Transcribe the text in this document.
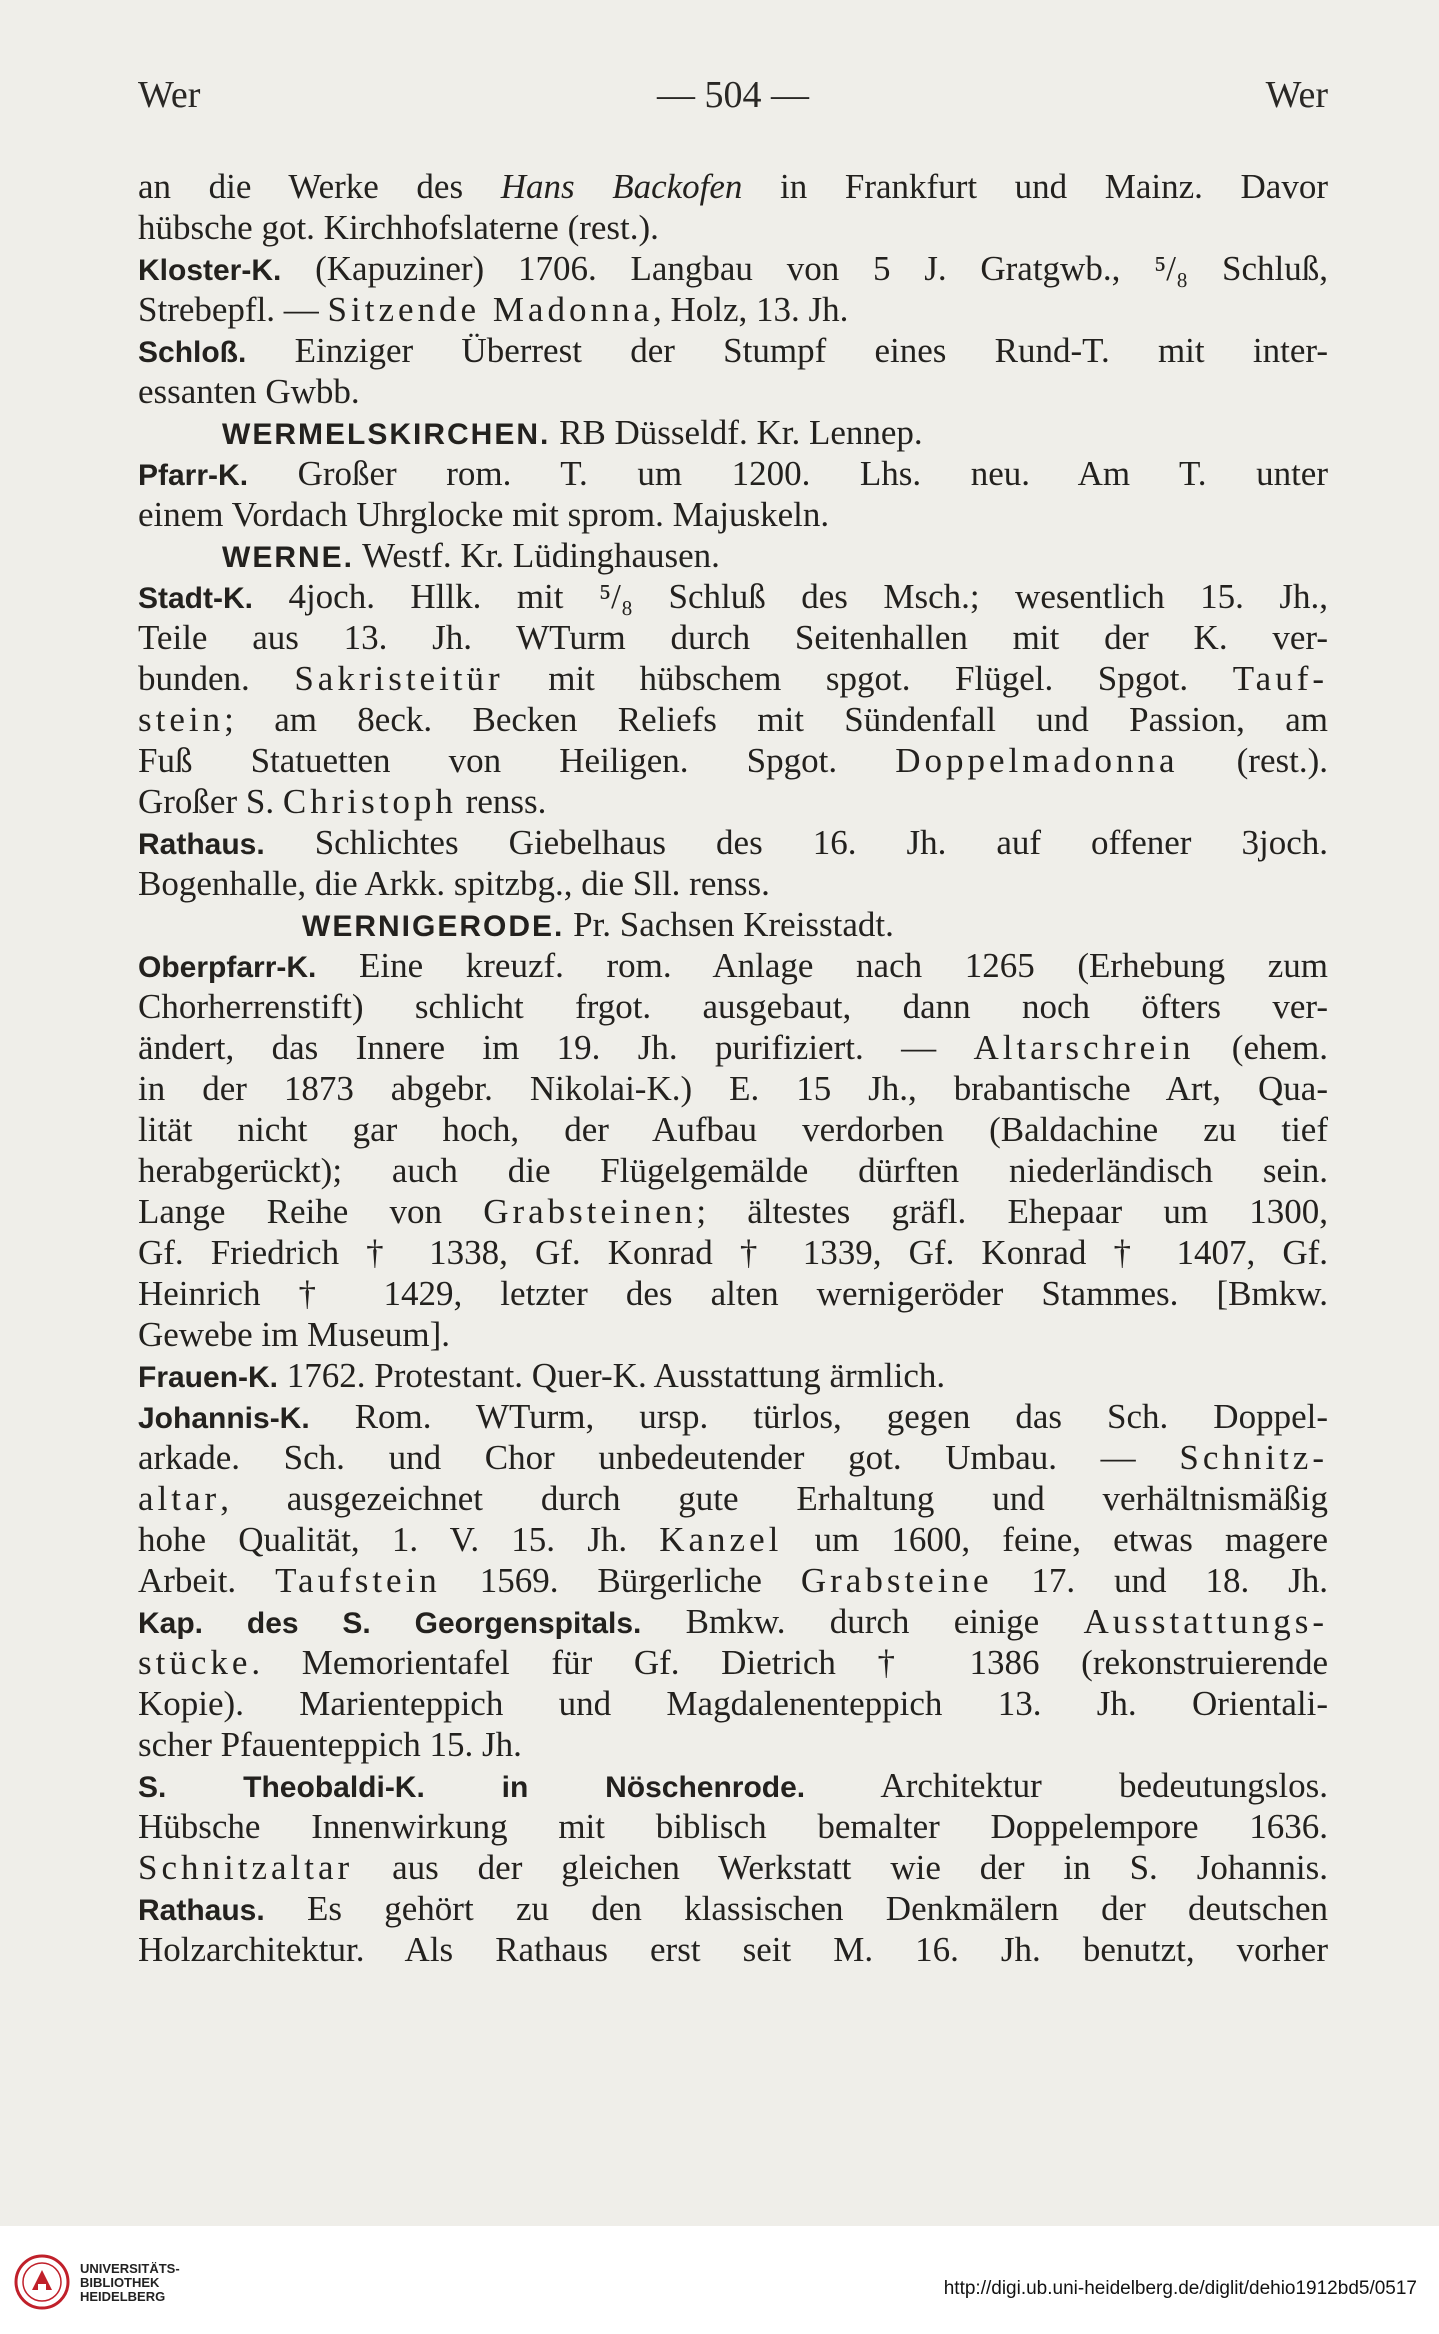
Wer	— 504 —	Wer
an die Werke des Hans Backofen in Frankfurt und Mainz. Davor
hübsche got. Kirchhofslaterne (rest.).
Kloster-K. (Kapuziner) 1706. Langbau von 5 J. Gratgwb., ⁵/₈ Schluß,
Strebepfl. — Sitzende Madonna, Holz, 13. Jh.
Schloß. Einziger Überrest der Stumpf eines Rund-T. mit inter-
essanten Gwbb.
WERMELSKIRCHEN. RB Düsseldf. Kr. Lennep.
Pfarr-K. Großer rom. T. um 1200. Lhs. neu. Am T. unter
einem Vordach Uhrglocke mit sprom. Majuskeln.
WERNE. Westf. Kr. Lüdinghausen.
Stadt-K. 4joch. Hllk. mit ⁵/₈ Schluß des Msch.; wesentlich 15. Jh.,
Teile aus 13. Jh. WTurm durch Seitenhallen mit der K. ver-
bunden. Sakristeitür mit hübschem spgot. Flügel. Spgot. Tauf-
stein; am 8eck. Becken Reliefs mit Sündenfall und Passion, am
Fuß Statuetten von Heiligen. Spgot. Doppelmadonna (rest.).
Großer S. Christoph renss.
Rathaus. Schlichtes Giebelhaus des 16. Jh. auf offener 3joch.
Bogenhalle, die Arkk. spitzbg., die Sll. renss.
WERNIGERODE. Pr. Sachsen Kreisstadt.
Oberpfarr-K. Eine kreuzf. rom. Anlage nach 1265 (Erhebung zum
Chorherrenstift) schlicht frgot. ausgebaut, dann noch öfters ver-
ändert, das Innere im 19. Jh. purifiziert. — Altarschrein (ehem.
in der 1873 abgebr. Nikolai-K.) E. 15 Jh., brabantische Art, Qua-
lität nicht gar hoch, der Aufbau verdorben (Baldachine zu tief
herabgerückt); auch die Flügelgemälde dürften niederländisch sein.
Lange Reihe von Grabsteinen; ältestes gräfl. Ehepaar um 1300,
Gf. Friedrich † 1338, Gf. Konrad † 1339, Gf. Konrad † 1407, Gf.
Heinrich † 1429, letzter des alten wernigeröder Stammes. [Bmkw.
Gewebe im Museum].
Frauen-K. 1762. Protestant. Quer-K. Ausstattung ärmlich.
Johannis-K. Rom. WTurm, ursp. türlos, gegen das Sch. Doppel-
arkade. Sch. und Chor unbedeutender got. Umbau. — Schnitz-
altar, ausgezeichnet durch gute Erhaltung und verhältnismäßig
hohe Qualität, 1. V. 15. Jh. Kanzel um 1600, feine, etwas magere
Arbeit. Taufstein 1569. Bürgerliche Grabsteine 17. und 18. Jh.
Kap. des S. Georgenspitals. Bmkw. durch einige Ausstattungs-
stücke. Memorientafel für Gf. Dietrich † 1386 (rekonstruierende
Kopie). Marienteppich und Magdalenenteppich 13. Jh. Orientali-
scher Pfauenteppich 15. Jh.
S. Theobaldi-K. in Nöschenrode. Architektur bedeutungslos.
Hübsche Innenwirkung mit biblisch bemalter Doppelempore 1636.
Schnitzaltar aus der gleichen Werkstatt wie der in S. Johannis.
Rathaus. Es gehört zu den klassischen Denkmälern der deutschen
Holzarchitektur. Als Rathaus erst seit M. 16. Jh. benutzt, vorher
UNIVERSITÄTS-
BIBLIOTHEK
HEIDELBERG	http://digi.ub.uni-heidelberg.de/diglit/dehio1912bd5/0517
